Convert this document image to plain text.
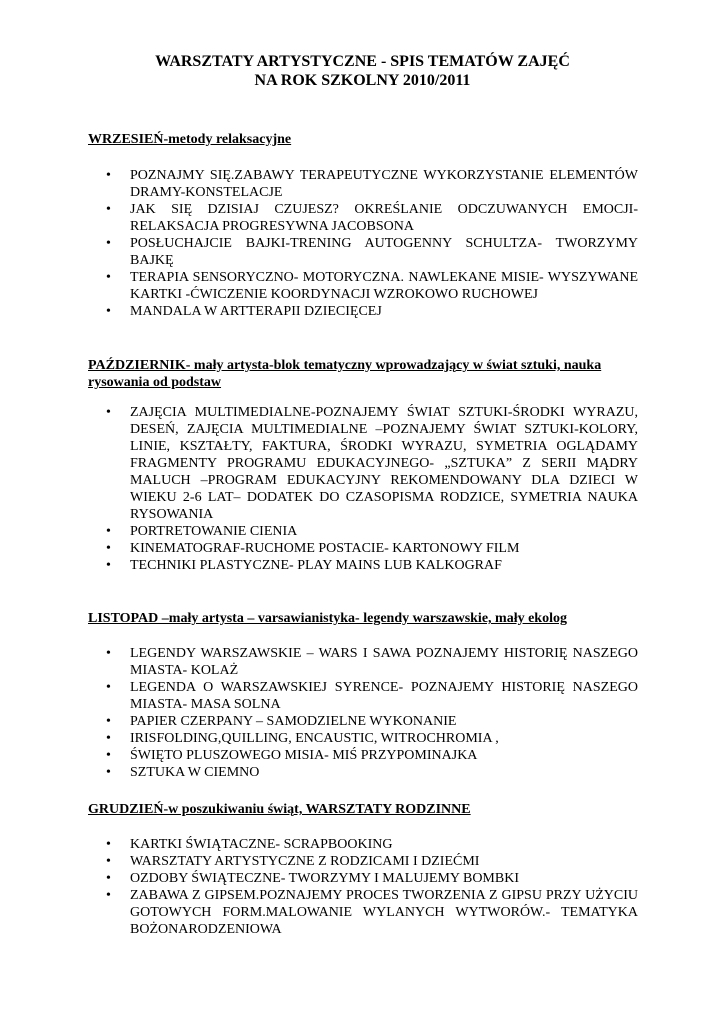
WARSZTATY ARTYSTYCZNE - SPIS TEMATÓW ZAJĘĆ
NA ROK SZKOLNY 2010/2011
WRZESIEŃ-metody relaksacyjne
• POZNAJMY SIĘ.ZABAWY TERAPEUTYCZNE WYKORZYSTANIE ELEMENTÓW DRAMY-KONSTELACJE
• JAK SIĘ DZISIAJ CZUJESZ? OKREŚLANIE ODCZUWANYCH EMOCJI- RELAKSACJA PROGRESYWNA JACOBSONA
• POSŁUCHAJCIE BAJKI-TRENING AUTOGENNY SCHULTZA- TWORZYMY BAJKĘ
• TERAPIA SENSORYCZNO- MOTORYCZNA. NAWLEKANE MISIE- WYSZYWANE KARTKI -ĆWICZENIE KOORDYNACJI WZROKOWO RUCHOWEJ
• MANDALA W ARTTERAPII DZIECIĘCEJ
PAŹDZIERNIK- mały artysta-blok tematyczny wprowadzający w świat sztuki, nauka rysowania od podstaw
• ZAJĘCIA MULTIMEDIALNE-POZNAJEMY ŚWIAT SZTUKI-ŚRODKI WYRAZU, DESEŃ, ZAJĘCIA MULTIMEDIALNE –POZNAJEMY ŚWIAT SZTUKI-KOLORY, LINIE, KSZTAŁTY, FAKTURA, ŚRODKI WYRAZU, SYMETRIA OGLĄDAMY FRAGMENTY PROGRAMU EDUKACYJNEGO- „SZTUKA” Z SERII MĄDRY MALUCH –PROGRAM EDUKACYJNY REKOMENDOWANY DLA DZIECI W WIEKU 2-6 LAT– DODATEK DO CZASOPISMA RODZICE, SYMETRIA NAUKA RYSOWANIA
• PORTRETOWANIE CIENIA
• KINEMATOGRAF-RUCHOME POSTACIE- KARTONOWY FILM
• TECHNIKI PLASTYCZNE- PLAY MAINS LUB KALKOGRAF
LISTOPAD –mały artysta – varsawianistyka- legendy warszawskie, mały ekolog
• LEGENDY WARSZAWSKIE – WARS I SAWA POZNAJEMY HISTORIĘ NASZEGO MIASTA- KOLAŻ
• LEGENDA O WARSZAWSKIEJ SYRENCE- POZNAJEMY HISTORIĘ NASZEGO MIASTA- MASA SOLNA
• PAPIER CZERPANY – SAMODZIELNE WYKONANIE
• IRISFOLDING,QUILLING, ENCAUSTIC, WITROCHROMIA ,
• ŚWIĘTO PLUSZOWEGO MISIA- MIŚ PRZYPOMINAJKA
• SZTUKA W CIEMNO
GRUDZIEŃ-w poszukiwaniu świąt, WARSZTATY RODZINNE
• KARTKI ŚWIĄTACZNE- SCRAPBOOKING
• WARSZTATY ARTYSTYCZNE Z RODZICAMI I DZIEĆMI
• OZDOBY ŚWIĄTECZNE- TWORZYMY I MALUJEMY BOMBKI
• ZABAWA Z GIPSEM.POZNAJEMY PROCES TWORZENIA Z GIPSU PRZY UŻYCIU GOTOWYCH FORM.MALOWANIE WYLANYCH WYTWORÓW.- TEMATYKA BOŻONARODZENIOWA
